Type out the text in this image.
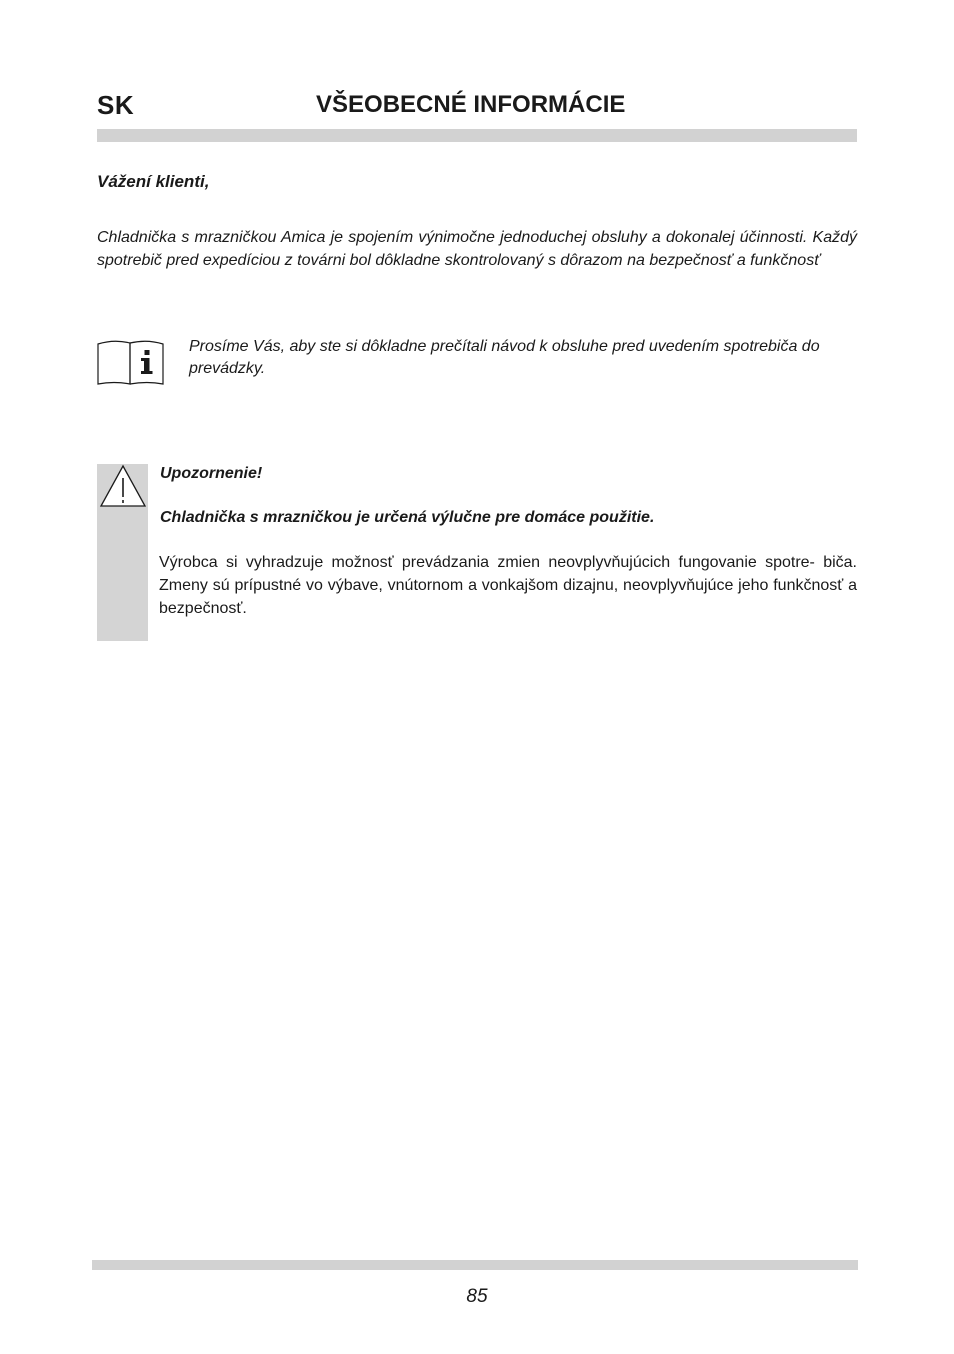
SK	VŠEOBECNÉ INFORMÁCIE
Vážení klienti,

Chladnička s mrazničkou Amica je spojením výnimočne jednoduchej obsluhy a dokonalej účinnosti. Každý spotrebič pred expedíciou z továrni bol dôkladne skontrolovaný s dôrazom na bezpečnosť a funkčnosť

Prosíme Vás, aby ste si dôkladne prečítali návod k obsluhe pred uvedením spotrebiča do prevádzky.

Upozornenie!
Chladnička s mrazničkou je určená výlučne pre domáce použitie.

Výrobca si vyhradzuje možnosť prevádzania zmien neovplyvňujúcich fungovanie spotre- biča. Zmeny sú prípustné vo výbave, vnútornom a vonkajšom dizajnu, neovplyvňujúce jeho funkčnosť a bezpečnosť.

85
